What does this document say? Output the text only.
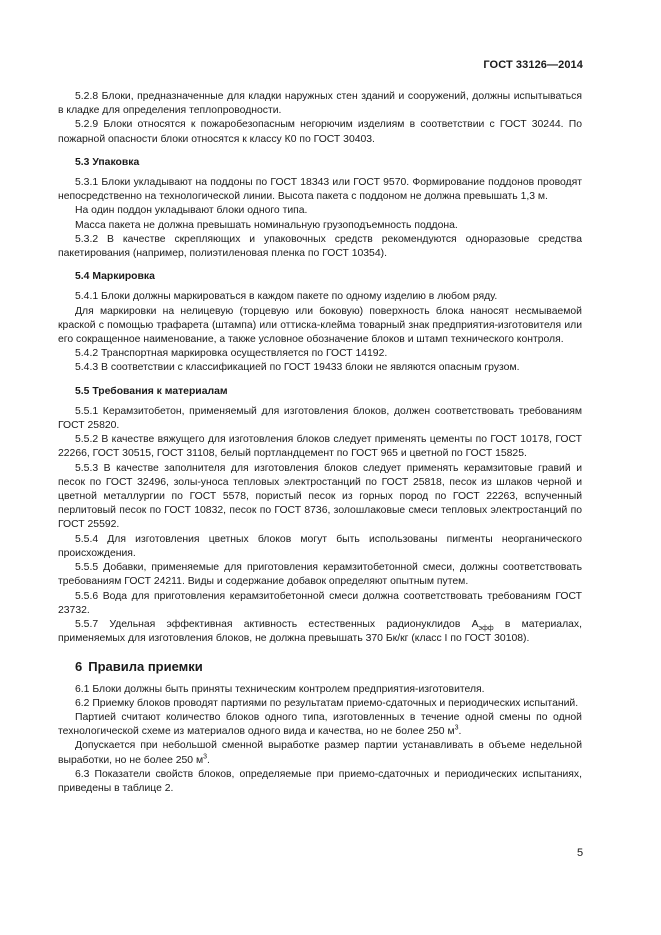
ГОСТ 33126—2014

5.2.8 Блоки, предназначенные для кладки наружных стен зданий и сооружений, должны испытываться в кладке для определения теплопроводности.

5.2.9 Блоки относятся к пожаробезопасным негорючим изделиям в соответствии с ГОСТ 30244. По пожарной опасности блоки относятся к классу К0 по ГОСТ 30403.

5.3 Упаковка

5.3.1 Блоки укладывают на поддоны по ГОСТ 18343 или ГОСТ 9570. Формирование поддонов проводят непосредственно на технологической линии. Высота пакета с поддоном не должна превышать 1,3 м.

На один поддон укладывают блоки одного типа.

Масса пакета не должна превышать номинальную грузоподъемность поддона.

5.3.2 В качестве скрепляющих и упаковочных средств рекомендуются одноразовые средства пакетирования (например, полиэтиленовая пленка по ГОСТ 10354).

5.4 Маркировка

5.4.1 Блоки должны маркироваться в каждом пакете по одному изделию в любом ряду.

Для маркировки на нелицевую (торцевую или боковую) поверхность блока наносят несмываемой краской с помощью трафарета (штампа) или оттиска-клейма товарный знак предприятия-изготовителя или его сокращенное наименование, а также условное обозначение блоков и штамп технического контроля.

5.4.2 Транспортная маркировка осуществляется по ГОСТ 14192.

5.4.3 В соответствии с классификацией по ГОСТ 19433 блоки не являются опасным грузом.

5.5 Требования к материалам

5.5.1 Керамзитобетон, применяемый для изготовления блоков, должен соответствовать требованиям ГОСТ 25820.

5.5.2 В качестве вяжущего для изготовления блоков следует применять цементы по ГОСТ 10178, ГОСТ 22266, ГОСТ 30515, ГОСТ 31108, белый портландцемент по ГОСТ 965 и цветной по ГОСТ 15825.

5.5.3 В качестве заполнителя для изготовления блоков следует применять керамзитовые гравий и песок по ГОСТ 32496, золы-уноса тепловых электростанций по ГОСТ 25818, песок из шлаков черной и цветной металлургии по ГОСТ 5578, пористый песок из горных пород по ГОСТ 22263, вспученный перлитовый песок по ГОСТ 10832, песок по ГОСТ 8736, золошлаковые смеси тепловых электростанций по ГОСТ 25592.

5.5.4 Для изготовления цветных блоков могут быть использованы пигменты неорганического происхождения.

5.5.5 Добавки, применяемые для приготовления керамзитобетонной смеси, должны соответствовать требованиям ГОСТ 24211. Виды и содержание добавок определяют опытным путем.

5.5.6 Вода для приготовления керамзитобетонной смеси должна соответствовать требованиям ГОСТ 23732.

5.5.7 Удельная эффективная активность естественных радионуклидов $А_{эфф}$ в материалах, применяемых для изготовления блоков, не должна превышать 370 Бк/кг (класс I по ГОСТ 30108).

6 Правила приемки

6.1 Блоки должны быть приняты техническим контролем предприятия-изготовителя.

6.2 Приемку блоков проводят партиями по результатам приемо-сдаточных и периодических испытаний.

Партией считают количество блоков одного типа, изготовленных в течение одной смены по одной технологической схеме из материалов одного вида и качества, но не более 250 $м^3$.

Допускается при небольшой сменной выработке размер партии устанавливать в объеме недельной выработки, но не более 250 $м^3$.

6.3 Показатели свойств блоков, определяемые при приемо-сдаточных и периодических испытаниях, приведены в таблице 2.

5
